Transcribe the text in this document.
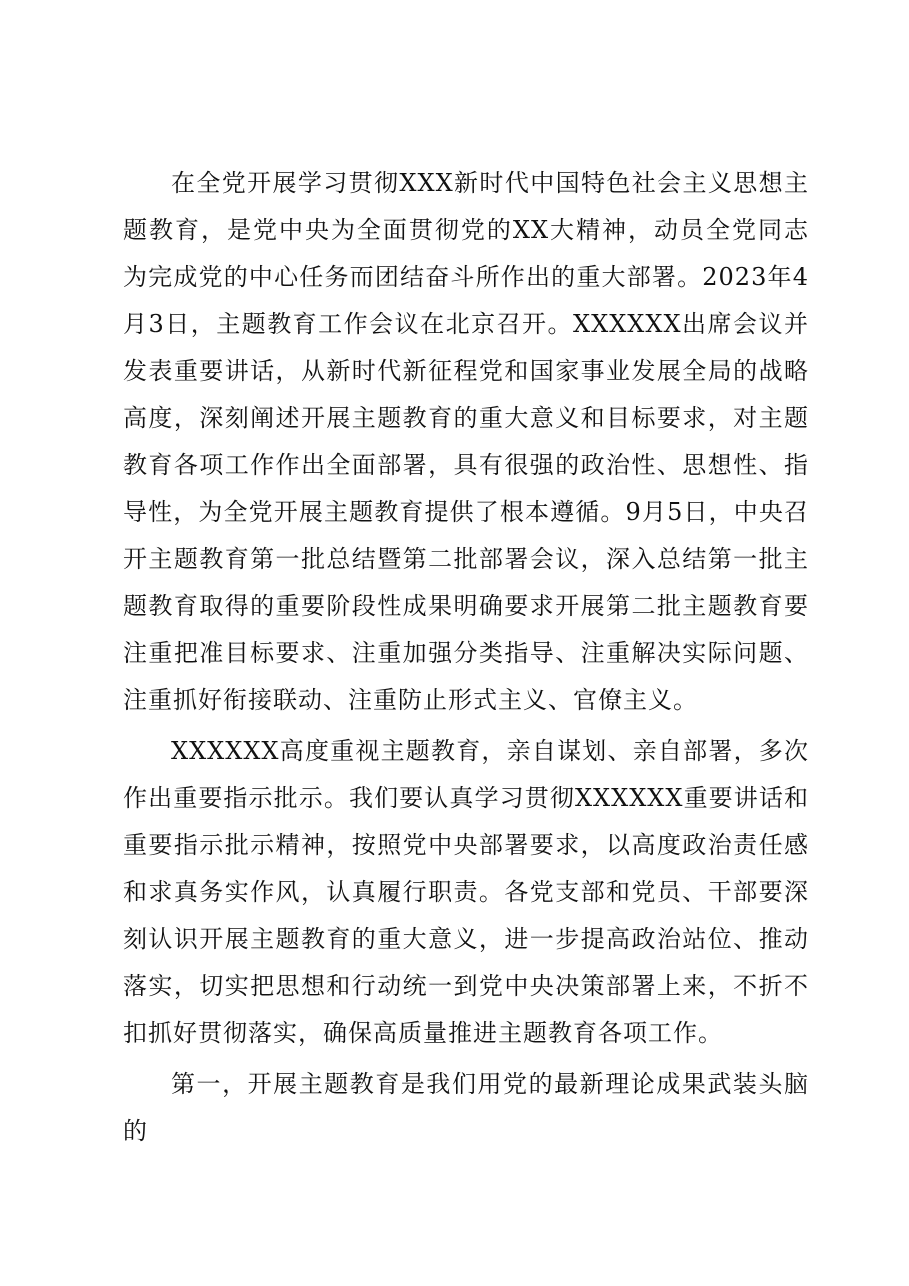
在全党开展学习贯彻XXX新时代中国特色社会主义思想主题教育，是党中央为全面贯彻党的XX大精神，动员全党同志为完成党的中心任务而团结奋斗所作出的重大部署。2023年4月3日，主题教育工作会议在北京召开。XXXXXX出席会议并发表重要讲话，从新时代新征程党和国家事业发展全局的战略高度，深刻阐述开展主题教育的重大意义和目标要求，对主题教育各项工作作出全面部署，具有很强的政治性、思想性、指导性，为全党开展主题教育提供了根本遵循。9月5日，中央召开主题教育第一批总结暨第二批部署会议，深入总结第一批主题教育取得的重要阶段性成果明确要求开展第二批主题教育要注重把准目标要求、注重加强分类指导、注重解决实际问题、注重抓好衔接联动、注重防止形式主义、官僚主义。

XXXXXX高度重视主题教育，亲自谋划、亲自部署，多次作出重要指示批示。我们要认真学习贯彻XXXXXX重要讲话和重要指示批示精神，按照党中央部署要求，以高度政治责任感和求真务实作风，认真履行职责。各党支部和党员、干部要深刻认识开展主题教育的重大意义，进一步提高政治站位、推动落实，切实把思想和行动统一到党中央决策部署上来，不折不扣抓好贯彻落实，确保高质量推进主题教育各项工作。

第一，开展主题教育是我们用党的最新理论成果武装头脑的
